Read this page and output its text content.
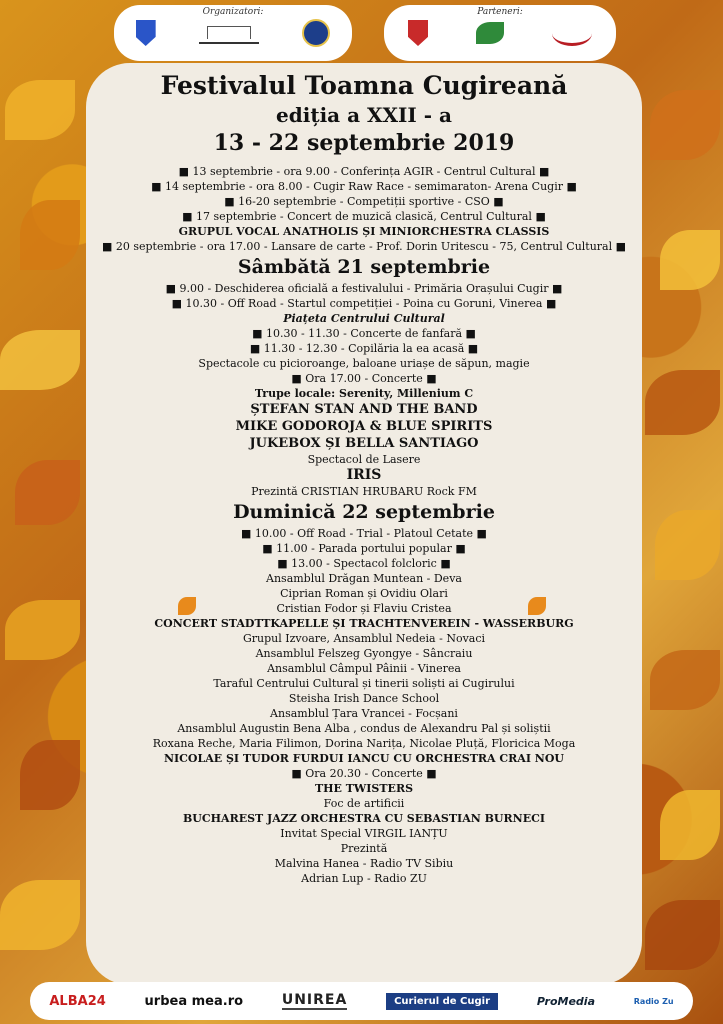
Organizatori:	Parteneri:
Festivalul Toamna Cugireană
ediția a XXII - a
13 - 22 septembrie 2019
■ 13 septembrie - ora 9.00 - Conferința AGIR - Centrul Cultural ■
■ 14 septembrie - ora 8.00 - Cugir Raw Race - semimaraton- Arena Cugir ■
■ 16-20 septembrie - Competiții sportive - CSO ■
■ 17 septembrie - Concert de muzică clasică, Centrul Cultural ■
GRUPUL VOCAL ANATHOLIS ȘI MINIORCHESTRA CLASSIS
■ 20 septembrie - ora 17.00 - Lansare de carte - Prof. Dorin Uritescu - 75, Centrul Cultural ■
Sâmbătă 21 septembrie
■ 9.00 - Deschiderea oficială a festivalului - Primăria Orașului Cugir ■
■ 10.30 - Off Road - Startul competiției - Poina cu Goruni, Vinerea ■
Piațeta Centrului Cultural
■ 10.30 - 11.30 - Concerte de fanfară ■
■ 11.30 - 12.30 - Copilăria la ea acasă ■
Spectacole cu picioroange, baloane uriașe de săpun, magie
■ Ora 17.00 - Concerte ■
Trupe locale: Serenity, Millenium C
ȘTEFAN STAN AND THE BAND
MIKE GODOROJA & BLUE SPIRITS
JUKEBOX ȘI BELLA SANTIAGO
Spectacol de Lasere
IRIS
Prezintă CRISTIAN HRUBARU Rock FM
Duminică 22 septembrie
■ 10.00 - Off Road - Trial - Platoul Cetate ■
■ 11.00 - Parada portului popular ■
■ 13.00 - Spectacol folcloric ■
Ansamblul Drăgan Muntean - Deva
Ciprian Roman și Ovidiu Olari
Cristian Fodor și Flaviu Cristea
CONCERT STADTTKAPELLE ȘI TRACHTENVEREIN - WASSERBURG
Grupul Izvoare, Ansamblul Nedeia - Novaci
Ansamblul Felszeg Gyongye - Sâncraiu
Ansamblul Câmpul Pâinii - Vinerea
Taraful Centrului Cultural și tinerii soliști ai Cugirului
Steisha Irish Dance School
Ansamblul Țara Vrancei - Focșani
Ansamblul Augustin Bena Alba , condus de Alexandru Pal și soliștii
Roxana Reche, Maria Filimon, Dorina Narița, Nicolae Pluță, Floricica Moga
NICOLAE ȘI TUDOR FURDUI IANCU CU ORCHESTRA CRAI NOU
■ Ora 20.30 - Concerte ■
THE TWISTERS
Foc de artificii
BUCHAREST JAZZ ORCHESTRA CU SEBASTIAN BURNECI
Invitat Special VIRGIL IANȚU
Prezintă
Malvina Hanea - Radio TV Sibiu
Adrian Lup - Radio ZU
ALBA24	urbea mea.ro	UNIREA	Curierul de Cugir	ProMedia	Radio Zu
